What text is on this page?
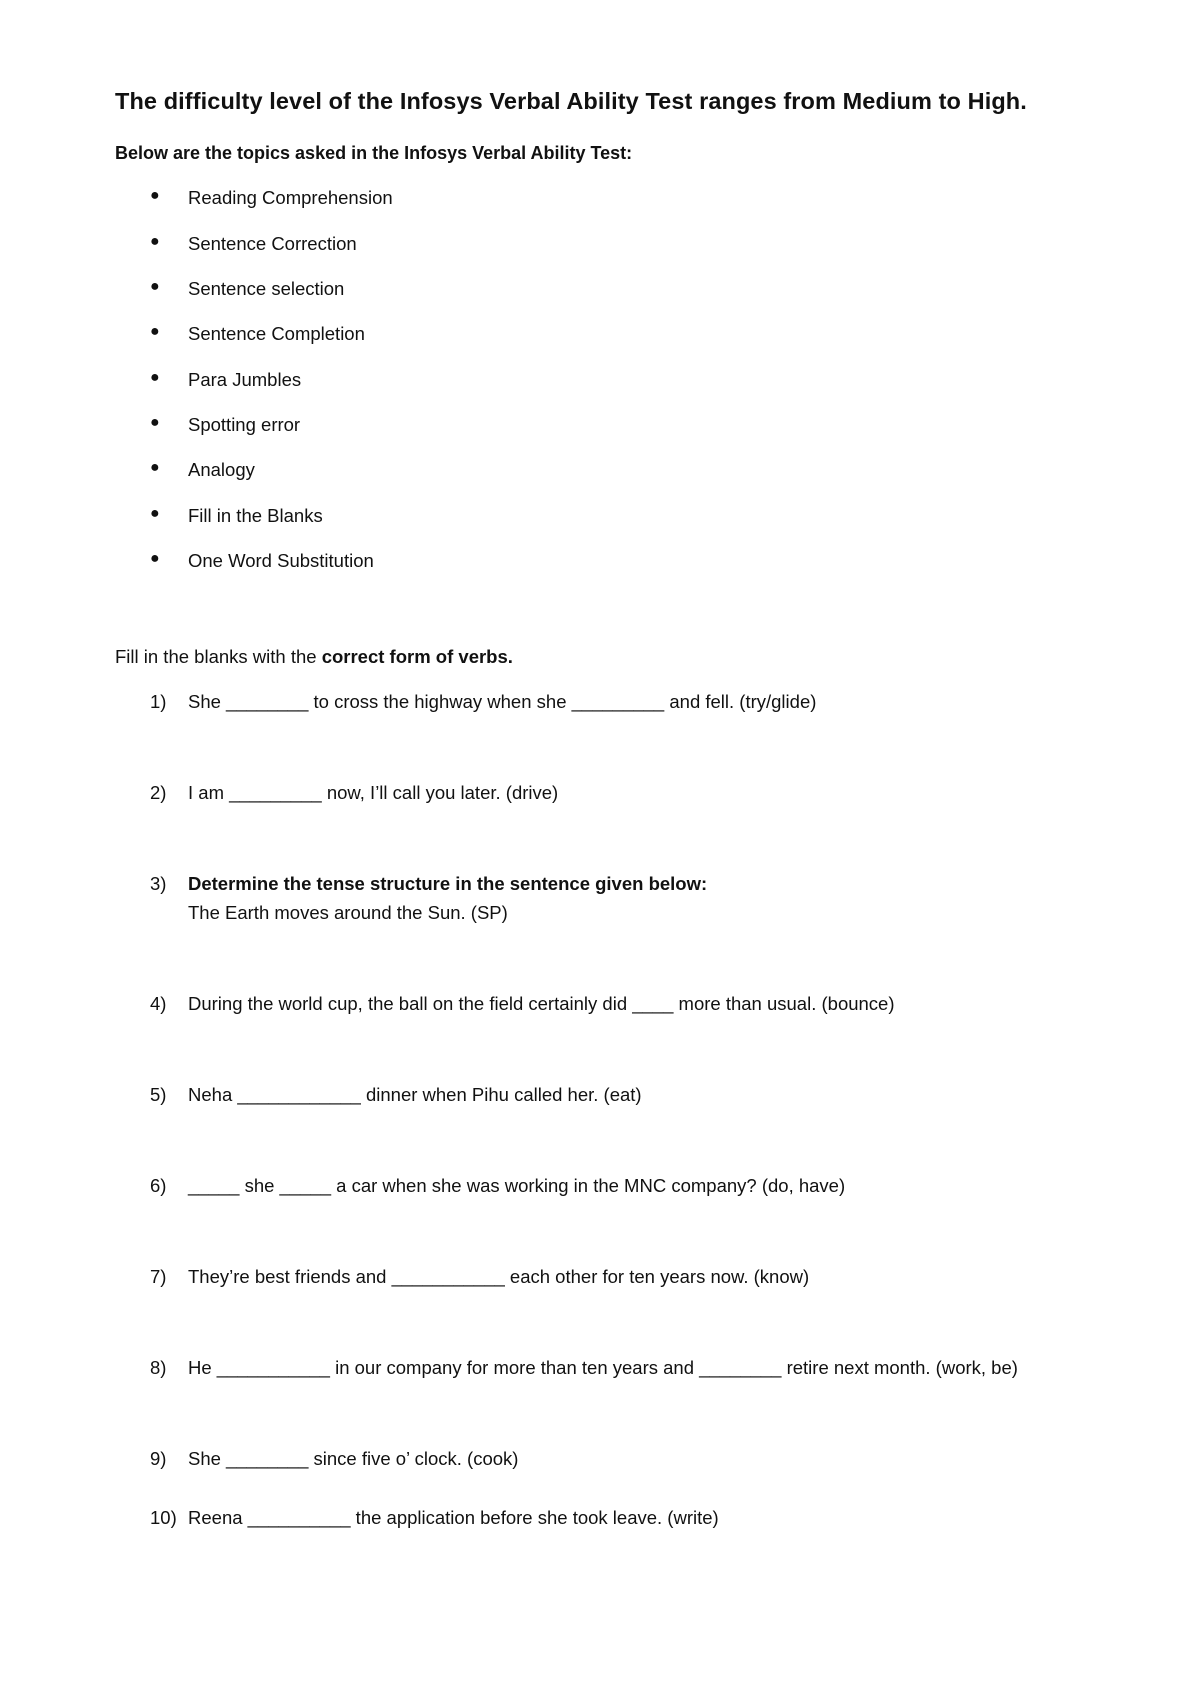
The difficulty level of the Infosys Verbal Ability Test ranges from Medium to High.
Below are the topics asked in the Infosys Verbal Ability Test:
● Reading Comprehension
● Sentence Correction
● Sentence selection
● Sentence Completion
● Para Jumbles
● Spotting error
● Analogy
● Fill in the Blanks
● One Word Substitution
Fill in the blanks with the correct form of verbs.
1) She ________ to cross the highway when she _________ and fell. (try/glide)
2) I am _________ now, I’ll call you later. (drive)
3) Determine the tense structure in the sentence given below:
The Earth moves around the Sun. (SP)
4) During the world cup, the ball on the field certainly did ____ more than usual. (bounce)
5) Neha ____________ dinner when Pihu called her. (eat)
6) _____ she _____ a car when she was working in the MNC company? (do, have)
7) They’re best friends and ___________ each other for ten years now. (know)
8) He ___________ in our company for more than ten years and ________ retire next month. (work, be)
9) She ________ since five o’ clock. (cook)
10) Reena __________ the application before she took leave. (write)
